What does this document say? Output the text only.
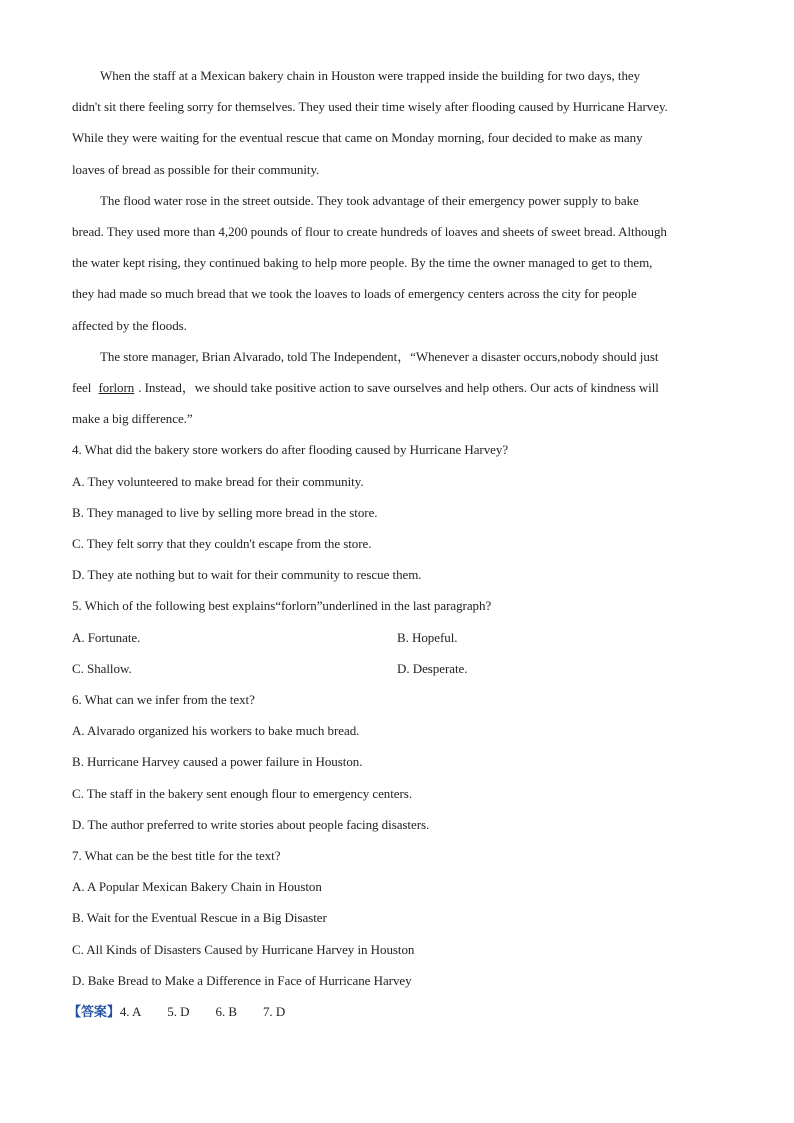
When the staff at a Mexican bakery chain in Houston were trapped inside the building for two days, they
didn't sit there feeling sorry for themselves. They used their time wisely after flooding caused by Hurricane Harvey.
While they were waiting for the eventual rescue that came on Monday morning, four decided to make as many
loaves of bread as possible for their community.
The flood water rose in the street outside. They took advantage of their emergency power supply to bake
bread. They used more than 4,200 pounds of flour to create hundreds of loaves and sheets of sweet bread. Although
the water kept rising, they continued baking to help more people. By the time the owner managed to get to them,
they had made so much bread that we took the loaves to loads of emergency centers across the city for people
affected by the floods.
The store manager, Brian Alvarado, told The Independent，“Whenever a disaster occurs,nobody should just
feel forlorn . Instead，we should take positive action to save ourselves and help others. Our acts of kindness will
make a big difference.”
4. What did the bakery store workers do after flooding caused by Hurricane Harvey?
A. They volunteered to make bread for their community.
B. They managed to live by selling more bread in the store.
C. They felt sorry that they couldn't escape from the store.
D. They ate nothing but to wait for their community to rescue them.
5. Which of the following best explains“forlorn”underlined in the last paragraph?
A. Fortunate.	B. Hopeful.
C. Shallow.	D. Desperate.
6. What can we infer from the text?
A. Alvarado organized his workers to bake much bread.
B. Hurricane Harvey caused a power failure in Houston.
C. The staff in the bakery sent enough flour to emergency centers.
D. The author preferred to write stories about people facing disasters.
7. What can be the best title for the text?
A. A Popular Mexican Bakery Chain in Houston
B. Wait for the Eventual Rescue in a Big Disaster
C. All Kinds of Disasters Caused by Hurricane Harvey in Houston
D. Bake Bread to Make a Difference in Face of Hurricane Harvey
【答案】4. A 5. D 6. B 7. D
